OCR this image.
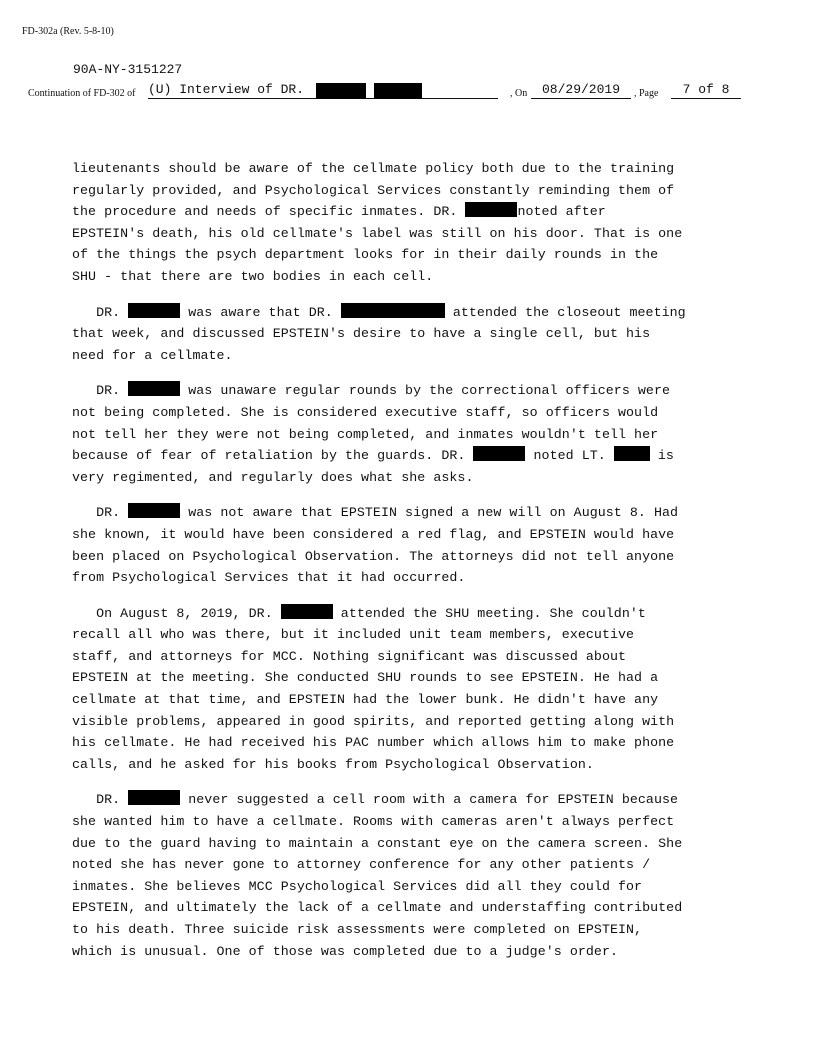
FD-302a (Rev. 5-8-10)
90A-NY-3151227
Continuation of FD-302 of (U) Interview of DR.	, On	08/29/2019	, Page	7 of 8
lieutenants should be aware of the cellmate policy both due to the training
regularly provided, and Psychological Services constantly reminding them of
the procedure and needs of specific inmates. DR.	noted after
EPSTEIN's death, his old cellmate's label was still on his door. That is one
of the things the psych department looks for in their daily rounds in the
SHU - that there are two bodies in each cell.
DR.	was aware that DR.	attended the closeout meeting
that week, and discussed EPSTEIN's desire to have a single cell, but his
need for a cellmate.
DR.	was unaware regular rounds by the correctional officers were
not being completed. She is considered executive staff, so officers would
not tell her they were not being completed, and inmates wouldn't tell her
because of fear of retaliation by the guards. DR.	noted LT.	is
very regimented, and regularly does what she asks.
DR.	was not aware that EPSTEIN signed a new will on August 8. Had
she known, it would have been considered a red flag, and EPSTEIN would have
been placed on Psychological Observation. The attorneys did not tell anyone
from Psychological Services that it had occurred.
On August 8, 2019, DR.	attended the SHU meeting. She couldn't
recall all who was there, but it included unit team members, executive
staff, and attorneys for MCC. Nothing significant was discussed about
EPSTEIN at the meeting. She conducted SHU rounds to see EPSTEIN. He had a
cellmate at that time, and EPSTEIN had the lower bunk. He didn't have any
visible problems, appeared in good spirits, and reported getting along with
his cellmate. He had received his PAC number which allows him to make phone
calls, and he asked for his books from Psychological Observation.
DR.	never suggested a cell room with a camera for EPSTEIN because
she wanted him to have a cellmate. Rooms with cameras aren't always perfect
due to the guard having to maintain a constant eye on the camera screen. She
noted she has never gone to attorney conference for any other patients /
inmates. She believes MCC Psychological Services did all they could for
EPSTEIN, and ultimately the lack of a cellmate and understaffing contributed
to his death. Three suicide risk assessments were completed on EPSTEIN,
which is unusual. One of those was completed due to a judge's order.
